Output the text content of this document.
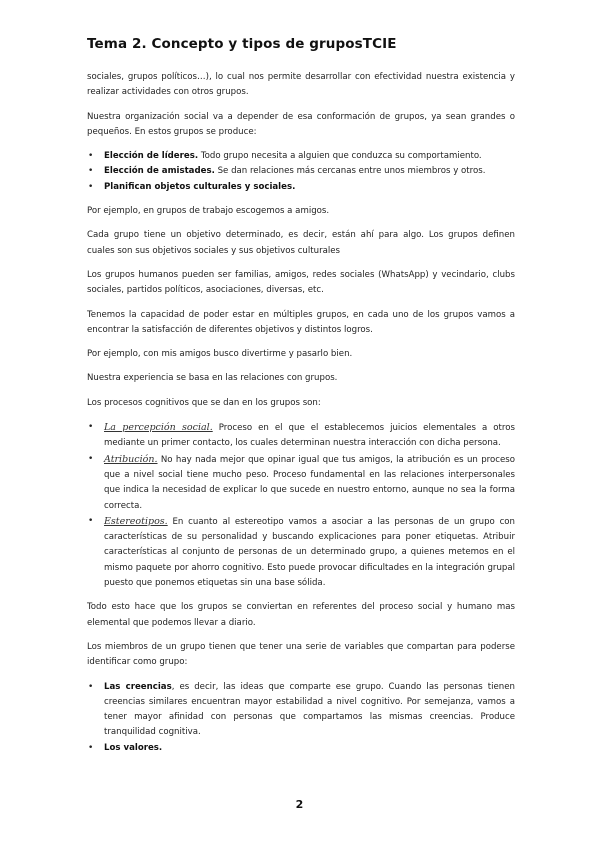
Tema 2. Concepto y tipos de gruposTCIE

sociales, grupos políticos…), lo cual nos permite desarrollar con efectividad nuestra existencia y realizar actividades con otros grupos.

Nuestra organización social va a depender de esa conformación de grupos, ya sean grandes o pequeños. En estos grupos se produce:

• Elección de líderes. Todo grupo necesita a alguien que conduzca su comportamiento.
• Elección de amistades. Se dan relaciones más cercanas entre unos miembros y otros.
• Planifican objetos culturales y sociales.

Por ejemplo, en grupos de trabajo escogemos a amigos.

Cada grupo tiene un objetivo determinado, es decir, están ahí para algo. Los grupos definen cuales son sus objetivos sociales y sus objetivos culturales

Los grupos humanos pueden ser familias, amigos, redes sociales (WhatsApp) y vecindario, clubs sociales, partidos políticos, asociaciones, diversas, etc.

Tenemos la capacidad de poder estar en múltiples grupos, en cada uno de los grupos vamos a encontrar la satisfacción de diferentes objetivos y distintos logros.

Por ejemplo, con mis amigos busco divertirme y pasarlo bien.

Nuestra experiencia se basa en las relaciones con grupos.

Los procesos cognitivos que se dan en los grupos son:

• La percepción social. Proceso en el que el establecemos juicios elementales a otros mediante un primer contacto, los cuales determinan nuestra interacción con dicha persona.
• Atribución. No hay nada mejor que opinar igual que tus amigos, la atribución es un proceso que a nivel social tiene mucho peso. Proceso fundamental en las relaciones interpersonales que indica la necesidad de explicar lo que sucede en nuestro entorno, aunque no sea la forma correcta.
• Estereotipos. En cuanto al estereotipo vamos a asociar a las personas de un grupo con características de su personalidad y buscando explicaciones para poner etiquetas. Atribuir características al conjunto de personas de un determinado grupo, a quienes metemos en el mismo paquete por ahorro cognitivo. Esto puede provocar dificultades en la integración grupal puesto que ponemos etiquetas sin una base sólida.

Todo esto hace que los grupos se conviertan en referentes del proceso social y humano mas elemental que podemos llevar a diario.

Los miembros de un grupo tienen que tener una serie de variables que compartan para poderse identificar como grupo:

• Las creencias, es decir, las ideas que comparte ese grupo. Cuando las personas tienen creencias similares encuentran mayor estabilidad a nivel cognitivo. Por semejanza, vamos a tener mayor afinidad con personas que compartamos las mismas creencias. Produce tranquilidad cognitiva.
• Los valores.
2
